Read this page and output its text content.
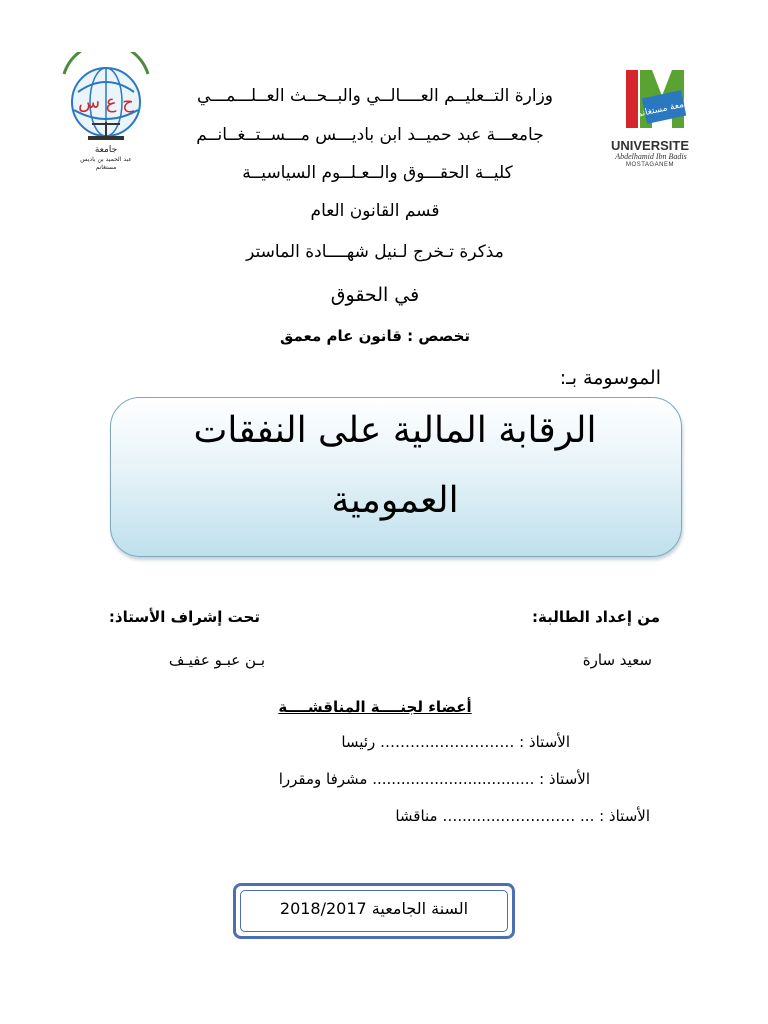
ح ع س
جامعة
عبد الحميد بن باديس
مستغانم
جامعة مستغانم
UNIVERSITE
Abdelhamid Ibn Badis
MOSTAGANEM
وزارة التــعليــم العــــالــي والبــحــث العــلـــمـــي
جامعـــة عبد حميــد ابن باديـــس مـــســتــغــانــم
كليــة الحقـــوق والــعـلــوم السياسيــة
قسم القانون العام
مذكرة تـخرج لـنيل شهــــادة الماستر
في الحقوق
تخصص : قانون عام معمق
الموسومة بـ:
الرقابة المالية على النفقات
العمومية
من إعداد الطالبة:
تحت إشراف الأستاذ:
سعيد سارة
بـن عبـو عفيـف
أعضاء لجنــــة المناقشــــة
الأستاذ : ……………...……… رئيسا
الأستاذ : .................................. مشرفا ومقررا
الأستاذ : ... …………….........… مناقشا
السنة الجامعية 2018/2017
